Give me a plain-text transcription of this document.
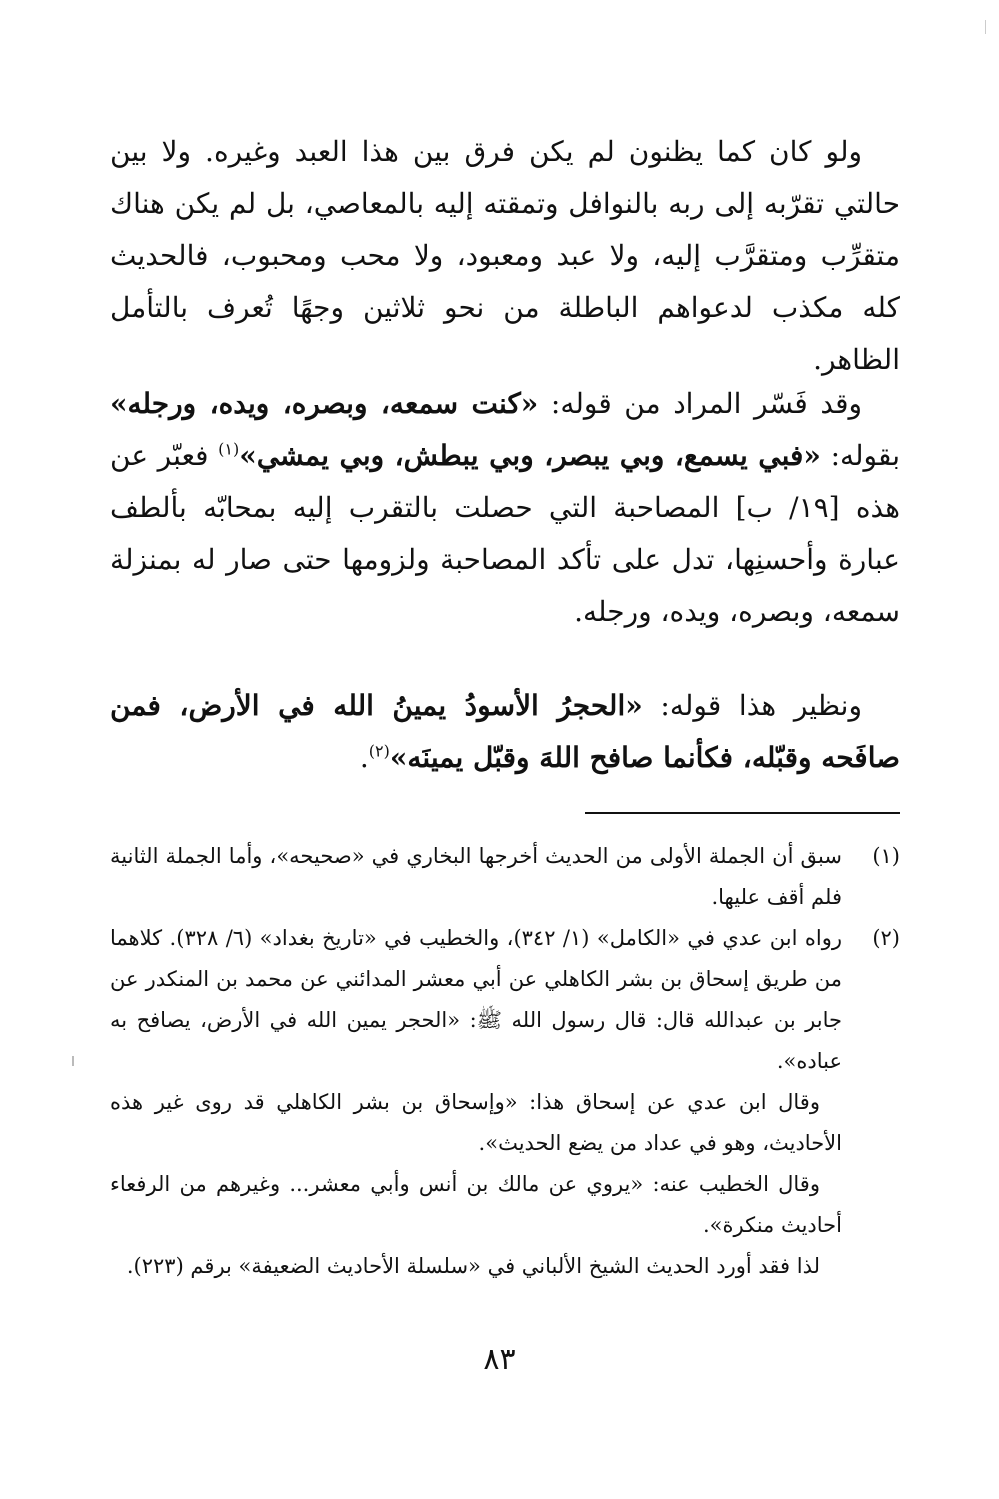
ولو كان كما يظنون لم يكن فرق بين هذا العبد وغيره. ولا بين حالتي تقرّبه إلى ربه بالنوافل وتمقته إليه بالمعاصي، بل لم يكن هناك متقرِّب ومتقرَّب إليه، ولا عبد ومعبود، ولا محب ومحبوب، فالحديث كله مكذب لدعواهم الباطلة من نحو ثلاثين وجهًا تُعرف بالتأمل الظاهر.
وقد فَسّر المراد من قوله: «كنت سمعه، وبصره، ويده، ورجله» بقوله: «فبي يسمع، وبي يبصر، وبي يبطش، وبي يمشي»$^{(١)}$ فعبّر عن هذه [١٩/ ب] المصاحبة التي حصلت بالتقرب إليه بمحابّه بألطف عبارة وأحسنِها، تدل على تأكد المصاحبة ولزومها حتى صار له بمنزلة سمعه، وبصره، ويده، ورجله.
ونظير هذا قوله: «الحجرُ الأسودُ يمينُ الله في الأرض، فمن صافَحه وقبّله، فكأنما صافح اللهَ وقبّل يمينَه»$^{(٢)}$.
(١)
سبق أن الجملة الأولى من الحديث أخرجها البخاري في «صحيحه»، وأما الجملة الثانية فلم أقف عليها.
(٢)
رواه ابن عدي في «الكامل» (١/ ٣٤٢)، والخطيب في «تاريخ بغداد» (٦/ ٣٢٨). كلاهما من طريق إسحاق بن بشر الكاهلي عن أبي معشر المدائني عن محمد بن المنكدر عن جابر بن عبدالله قال: قال رسول الله ﷺ: «الحجر يمين الله في الأرض، يصافح به عباده».
وقال ابن عدي عن إسحاق هذا: «وإسحاق بن بشر الكاهلي قد روى غير هذه الأحاديث، وهو في عداد من يضع الحديث».
وقال الخطيب عنه: «يروي عن مالك بن أنس وأبي معشر... وغيرهم من الرفعاء أحاديث منكرة».
لذا فقد أورد الحديث الشيخ الألباني في «سلسلة الأحاديث الضعيفة» برقم (٢٢٣).
٨٣
